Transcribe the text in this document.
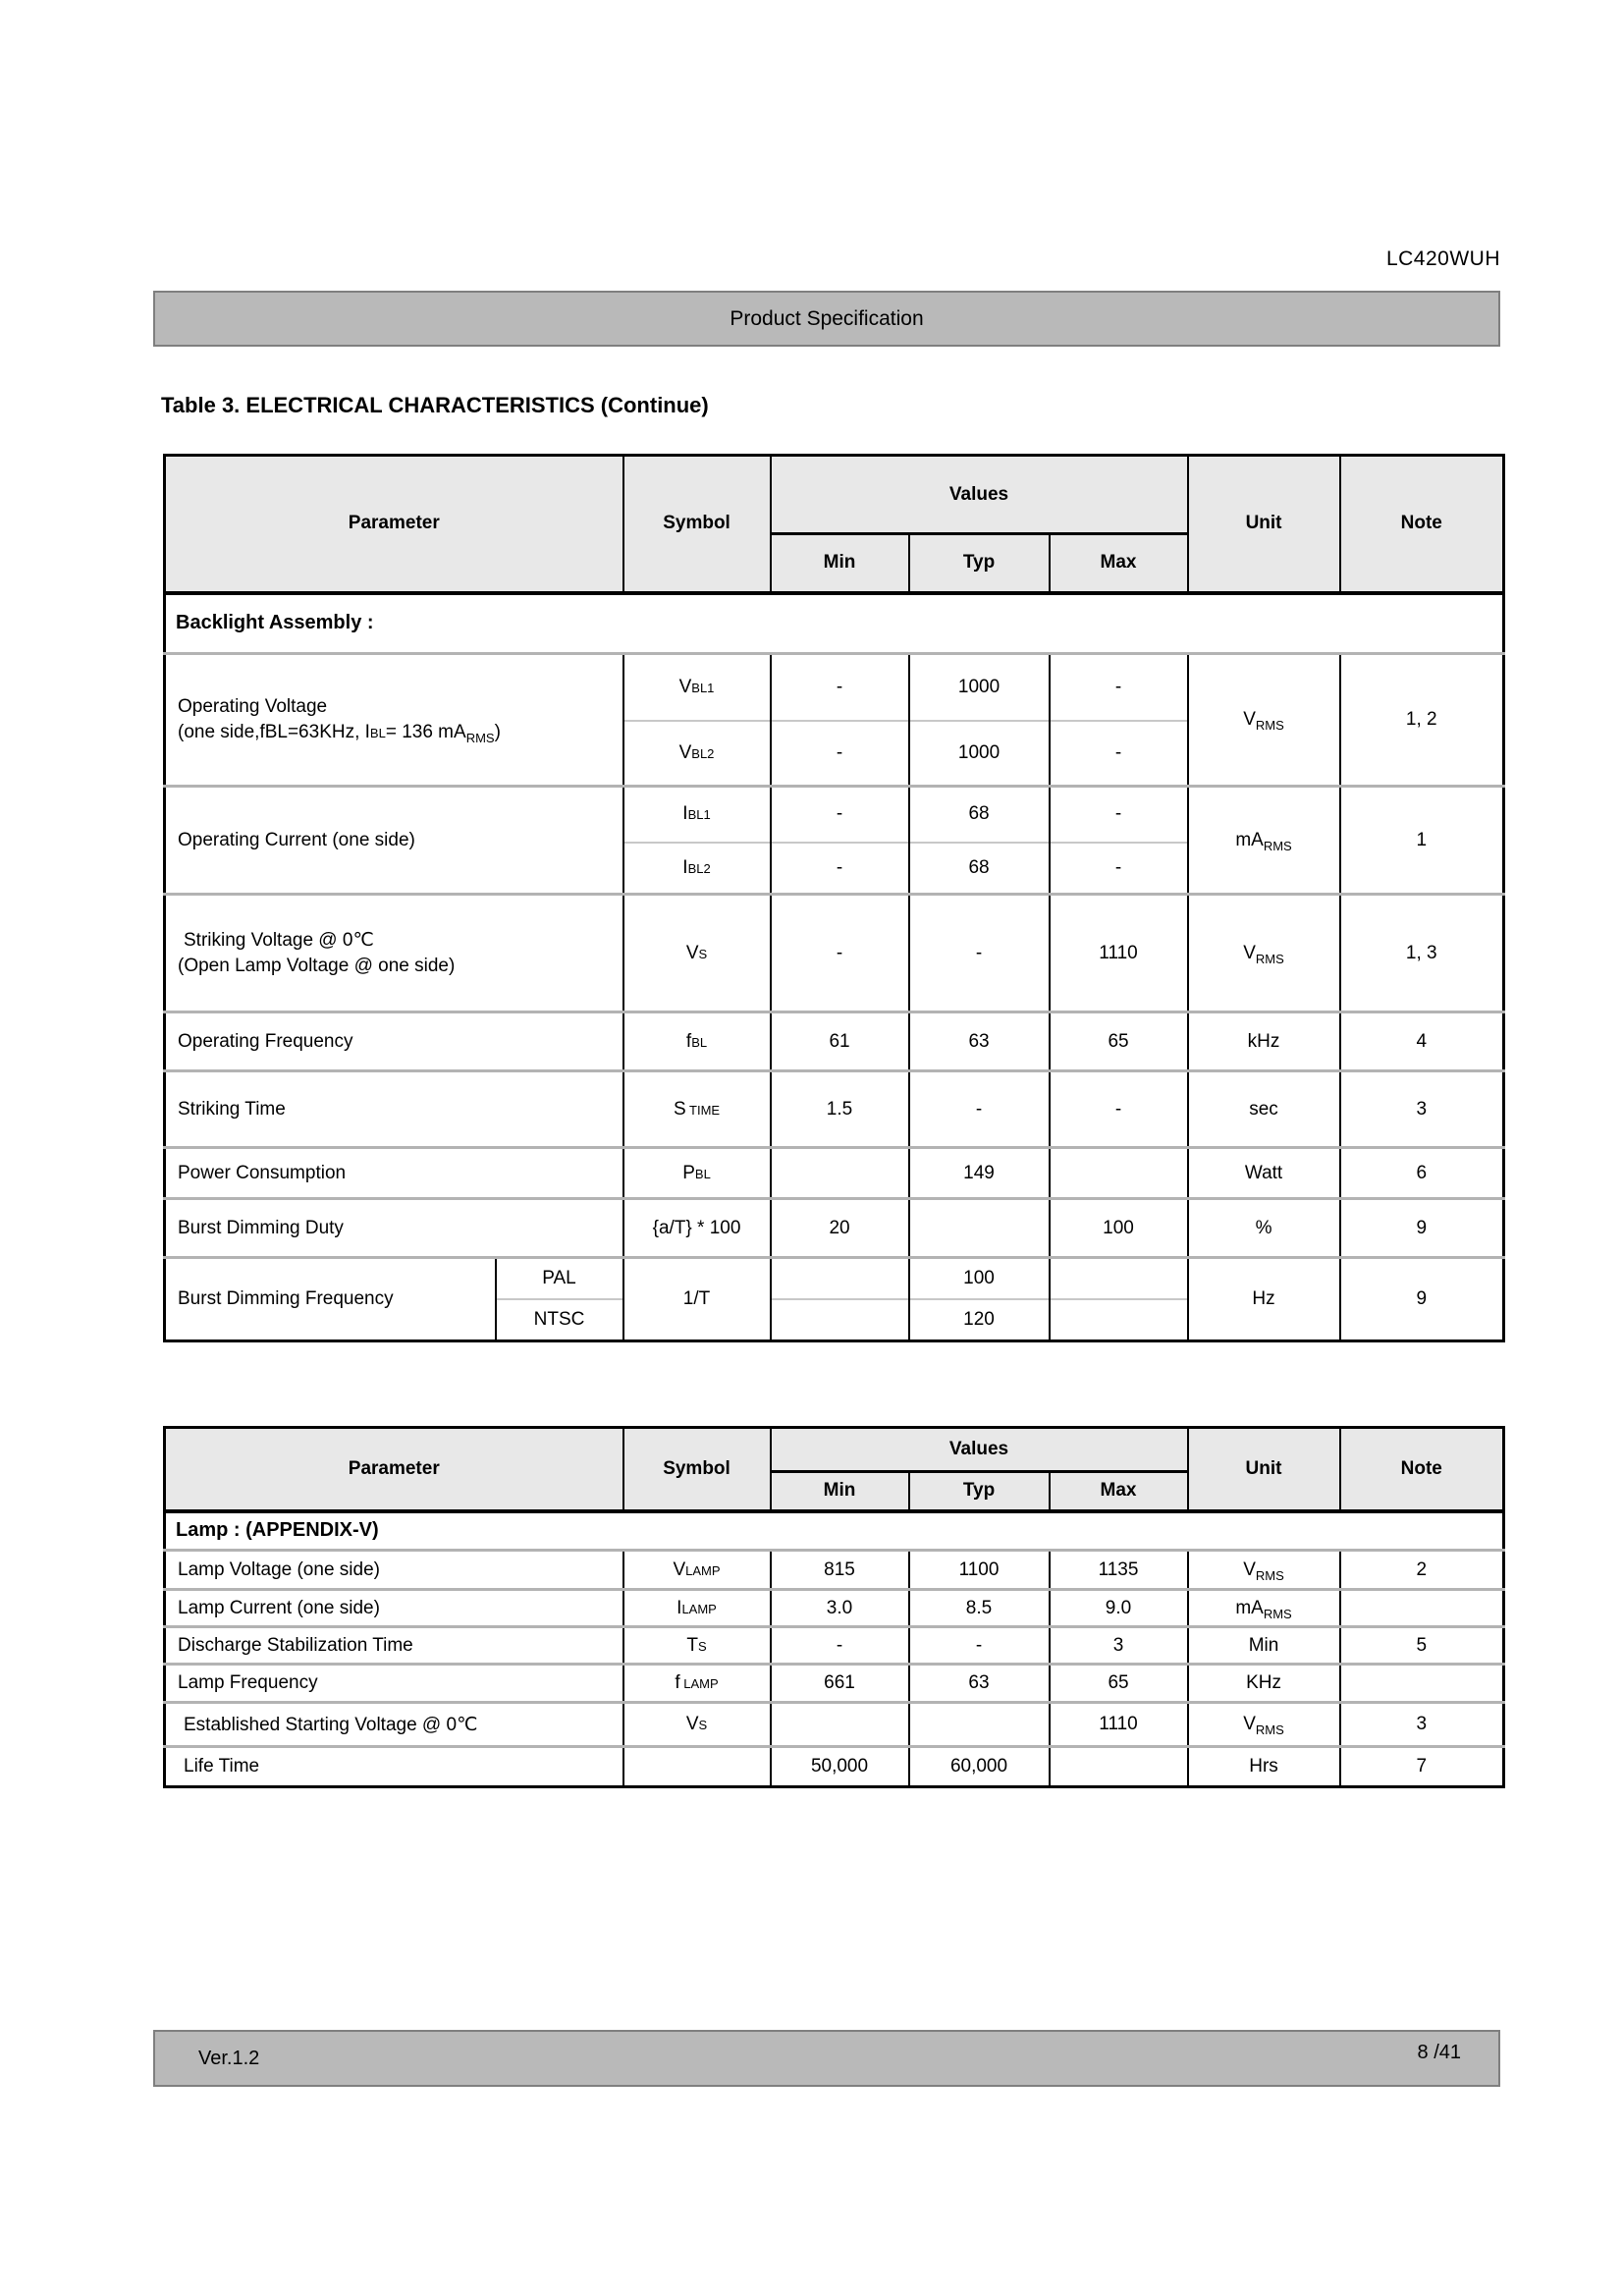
LC420WUH
Product Specification
Table 3. ELECTRICAL CHARACTERISTICS (Continue)
Parameter		Symbol	Values			Unit	Note
			Min	Typ	Max		
Backlight Assembly :							

Operating Voltage
(one side,fBL=63KHz, IBL= 136 $mA_{RMS}$)		VBL1	-	1000	-	$V_{RMS}$	1, 2
		VBL2	-	1000	-		
Operating Current (one side)		IBL1	-	68	-	$mA_{RMS}$	1
		IBL2	-	68	-		

Striking Voltage @ 0℃
(Open Lamp Voltage @ one side)		VS	-	-	1110	$V_{RMS}$	1, 3
Operating Frequency		fBL	61	63	65	kHz	4
Striking Time		S TIME	1.5	-	-	sec	3
Power Consumption		PBL		149		Watt	6
Burst Dimming Duty		{a/T} * 100	20		100	%	9
Burst Dimming Frequency	PAL	1/T		100		Hz	9
	NTSC			120			
Parameter	Symbol	Values			Unit	Note
		Min	Typ	Max		
Lamp : (APPENDIX-V)						
Lamp Voltage (one side)	VLAMP	815	1100	1135	$V_{RMS}$	2
Lamp Current (one side)	ILAMP	3.0	8.5	9.0	$mA_{RMS}$	
Discharge Stabilization Time	TS	-	-	3	Min	5
Lamp Frequency	f LAMP	661	63	65	KHz	
Established Starting Voltage @ 0℃	VS			1110	$V_{RMS}$	3
Life Time		50,000	60,000		Hrs	7
Ver.1.2	8 /41
